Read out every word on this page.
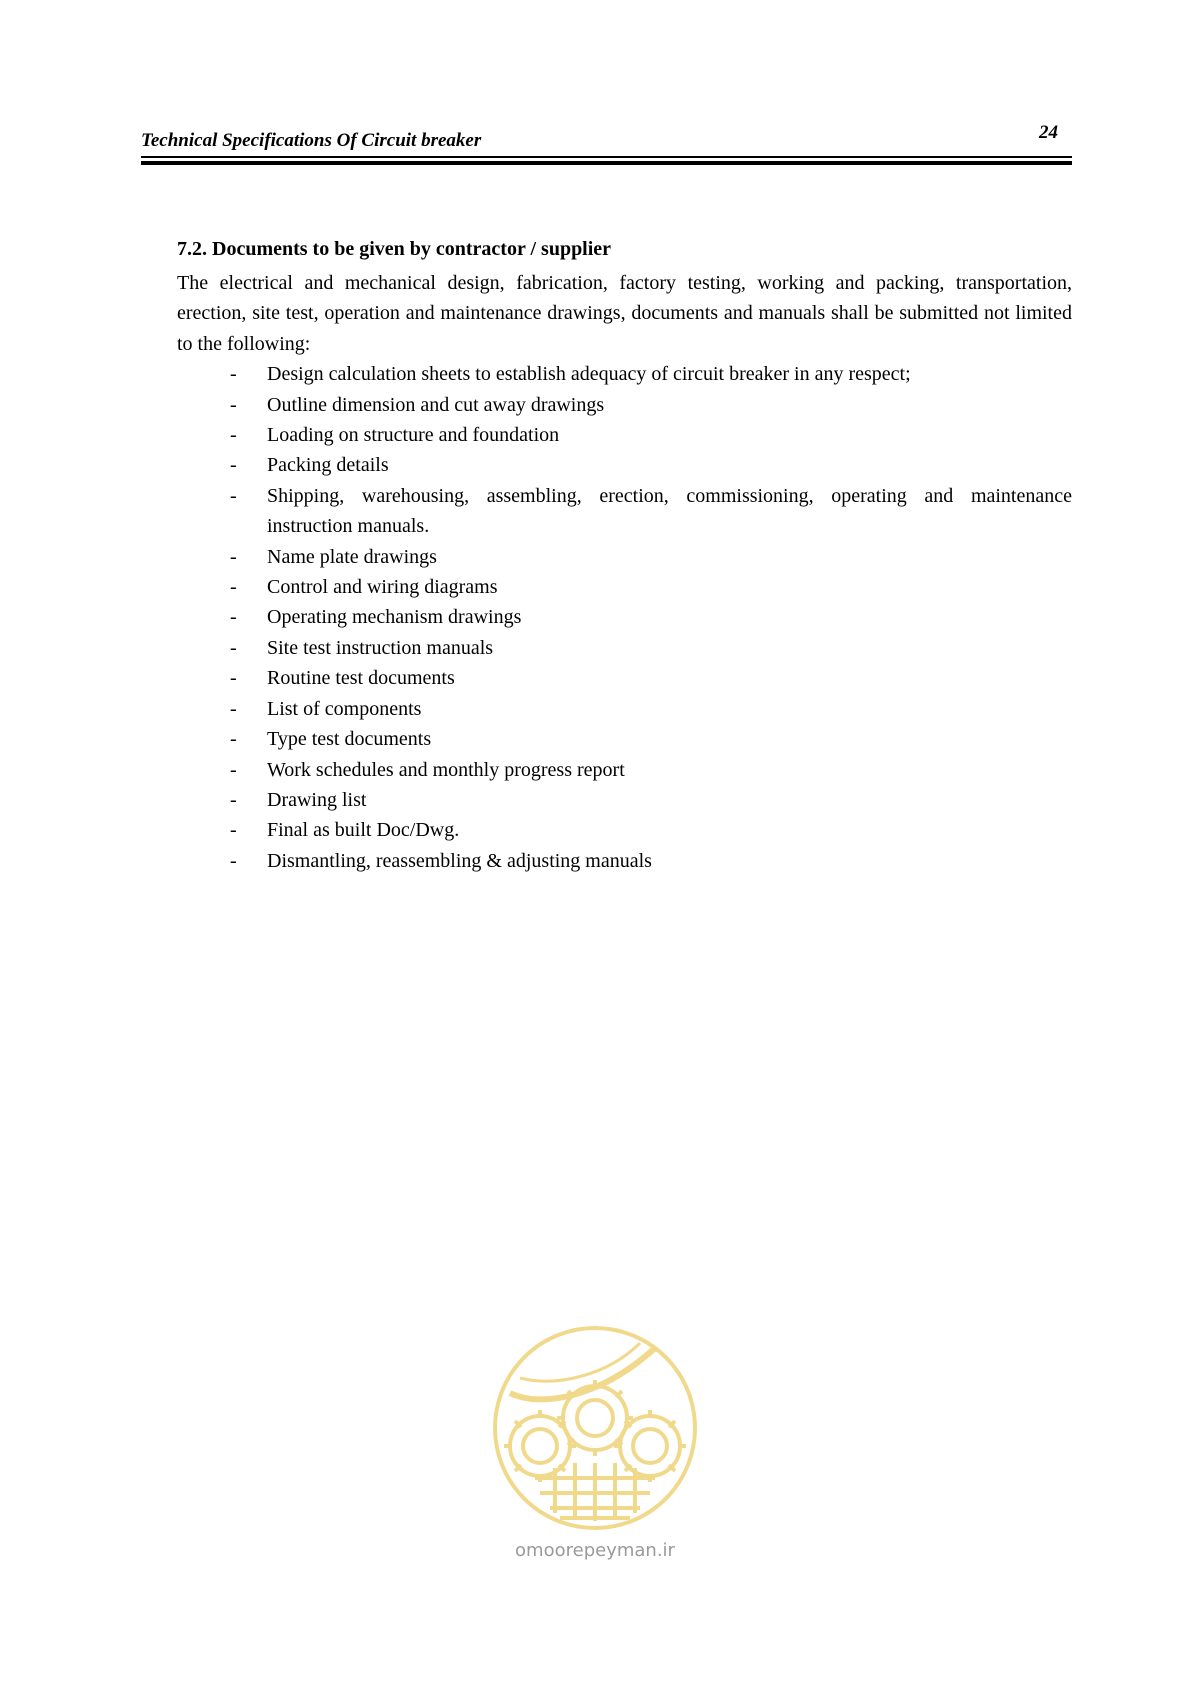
Technical Specifications Of Circuit breaker	24
7.2. Documents to be given by contractor / supplier

The electrical and mechanical design, fabrication, factory testing, working and packing, transportation, erection, site test, operation and maintenance drawings, documents and manuals shall be submitted not limited to the following:

- Design calculation sheets to establish adequacy of circuit breaker in any respect;
- Outline dimension and cut away drawings
- Loading on structure and foundation
- Packing details
- Shipping, warehousing, assembling, erection, commissioning, operating and maintenance instruction manuals.
- Name plate drawings
- Control and wiring diagrams
- Operating mechanism drawings
- Site test instruction manuals
- Routine test documents
- List of components
- Type test documents
- Work schedules and monthly progress report
- Drawing list
- Final as built Doc/Dwg.
- Dismantling, reassembling & adjusting manuals
omoorepeyman.ir
